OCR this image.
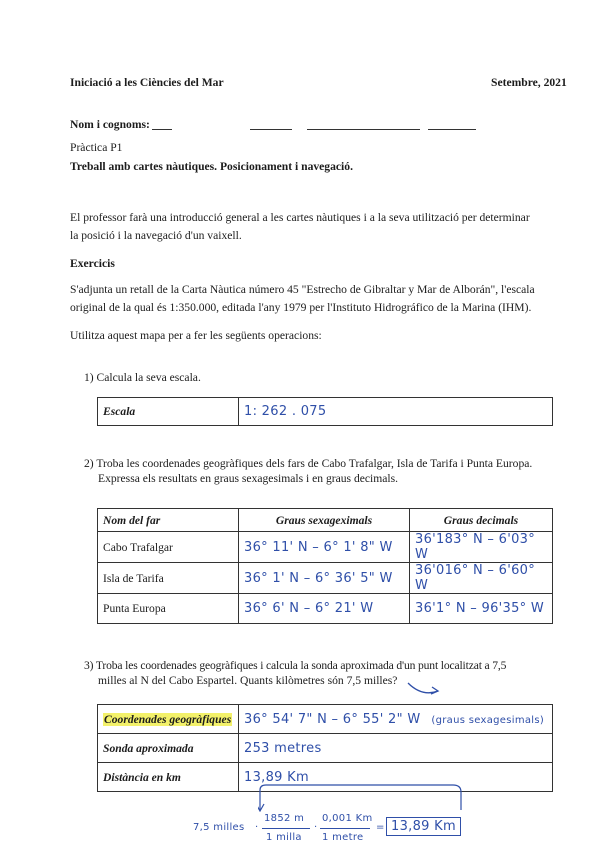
Iniciació a les Ciències del Mar	Setembre, 2021
Nom i cognoms:
Pràctica P1
Treball amb cartes nàutiques. Posicionament i navegació.
El professor farà una introducció general a les cartes nàutiques i a la seva utilització per determinar
la posició i la navegació d'un vaixell.
Exercicis
S'adjunta un retall de la Carta Nàutica número 45 "Estrecho de Gibraltar y Mar de Alborán", l'escala
original de la qual és 1:350.000, editada l'any 1979 per l'Instituto Hidrográfico de la Marina (IHM).
Utilitza aquest mapa per a fer les següents operacions:
1) Calcula la seva escala.
Escala	1: 262 . 075
2) Troba les coordenades geogràfiques dels fars de Cabo Trafalgar, Isla de Tarifa i Punta Europa.
Expressa els resultats en graus sexagesimals i en graus decimals.
Nom del far	Graus sexageximals	Graus decimals
Cabo Trafalgar	36° 11' N – 6° 1' 8" W	36'183° N – 6'03° W
Isla de Tarifa	36° 1' N – 6° 36' 5" W	36'016° N – 6'60° W
Punta Europa	36° 6' N – 6° 21' W	36'1° N – 96'35° W
3) Troba les coordenades geogràfiques i calcula la sonda aproximada d'un punt localitzat a 7,5
milles al N del Cabo Espartel. Quants kilòmetres són 7,5 milles?
Coordenades geogràfiques	36° 54' 7" N – 6° 55' 2" W (graus sexagesimals)
Sonda aproximada	253 metres
Distància en km	13,89 Km
7,5 milles ·
1852 m
1 milla
·
0,001 Km
1 metre
= 13,89 Km
